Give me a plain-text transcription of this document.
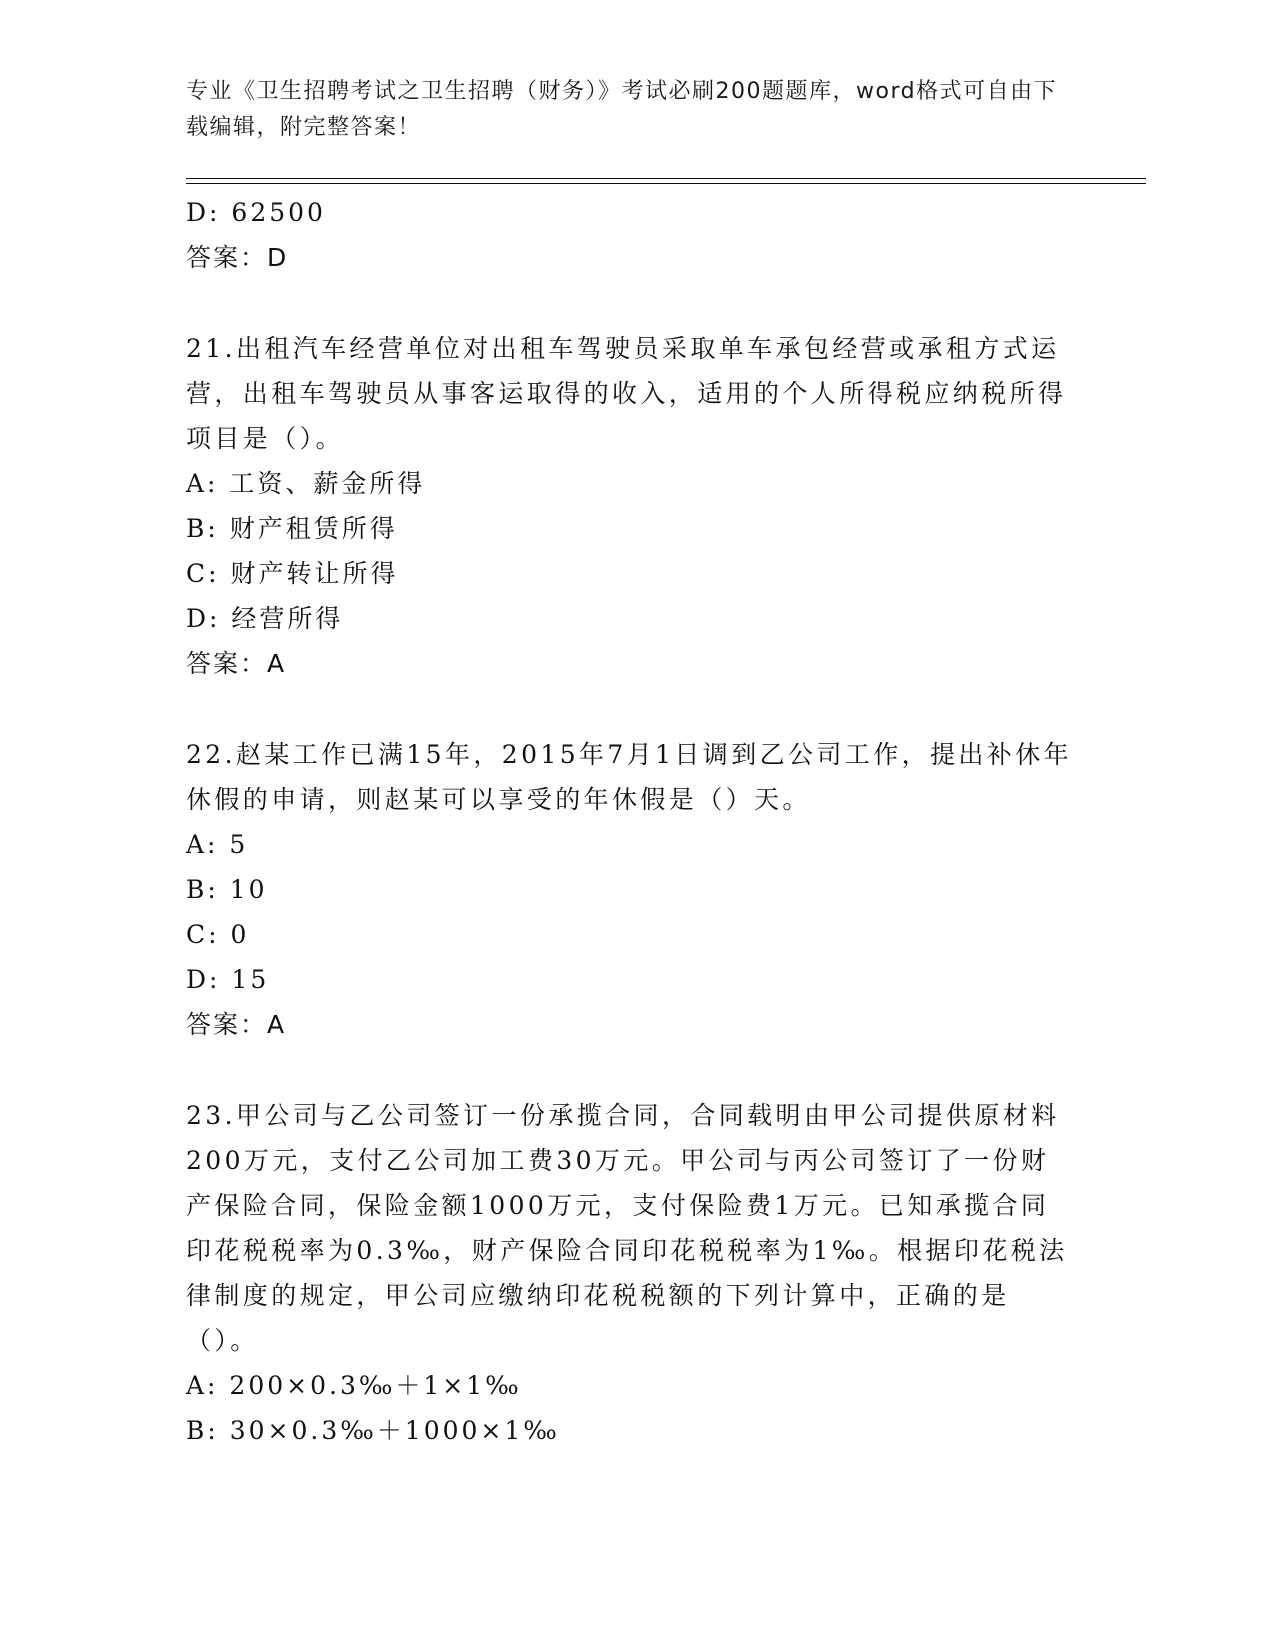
专业《卫生招聘考试之卫生招聘（财务）》考试必刷200题题库，word格式可自由下载编辑，附完整答案！
D: 62500
答案：D
21.出租汽车经营单位对出租车驾驶员采取单车承包经营或承租方式运营，出租车驾驶员从事客运取得的收入，适用的个人所得税应纳税所得项目是（）。
A: 工资、薪金所得
B: 财产租赁所得
C: 财产转让所得
D: 经营所得
答案：A
22.赵某工作已满15年，2015年7月1日调到乙公司工作，提出补休年休假的申请，则赵某可以享受的年休假是（）天。
A: 5
B: 10
C: 0
D: 15
答案：A
23.甲公司与乙公司签订一份承揽合同，合同载明由甲公司提供原材料200万元，支付乙公司加工费30万元。甲公司与丙公司签订了一份财产保险合同，保险金额1000万元，支付保险费1万元。已知承揽合同印花税税率为0.3‰，财产保险合同印花税税率为1‰。根据印花税法律制度的规定，甲公司应缴纳印花税税额的下列计算中，正确的是（）。
A: 200×0.3‰＋1×1‰
B: 30×0.3‰＋1000×1‰
